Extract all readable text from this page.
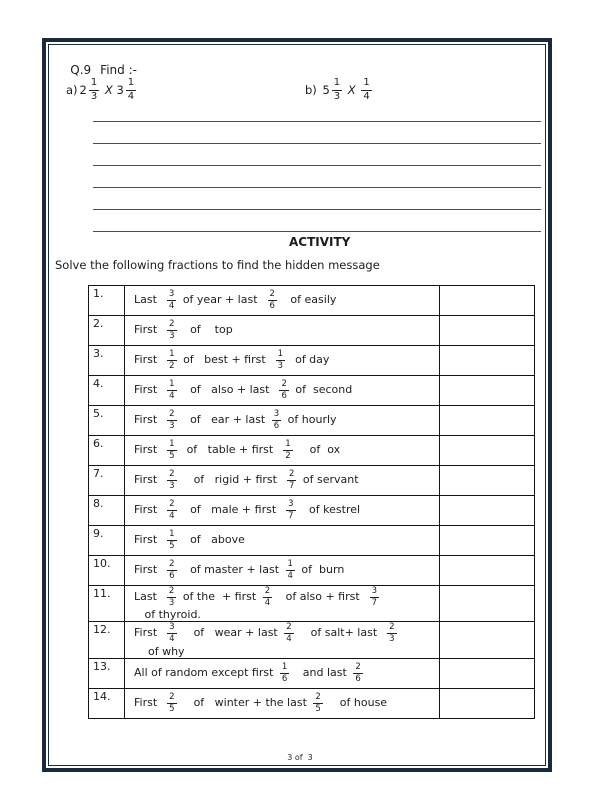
Q.9 Find :-

a) $2 \frac{1}{3}$ X $3 \frac{1}{4}$	b) $5 \frac{1}{3}$ X $\frac{1}{4}$
ACTIVITY
Solve the following fractions to find the hidden message
1.	Last $\frac{3}{4}$ of year + last $\frac{2}{6}$ of easily	
2.	First $\frac{2}{3}$ of    top	
3.	First $\frac{1}{2}$ of   best + first $\frac{1}{3}$ of day	
4.	First $\frac{1}{4}$ of   also + last $\frac{2}{6}$ of  second	
5.	First $\frac{2}{3}$ of   ear + last $\frac{3}{6}$ of hourly	
6.	First $\frac{1}{5}$ of   table + first $\frac{1}{2}$ of  ox	
7.	First $\frac{2}{3}$ of   rigid + first $\frac{2}{7}$ of servant	
8.	First $\frac{2}{4}$ of   male + first $\frac{3}{7}$ of kestrel	
9.	First $\frac{1}{5}$ of   above	
10.	First $\frac{2}{6}$ of master + last $\frac{1}{4}$ of  burn	
11.	Last $\frac{2}{3}$ of the  + first $\frac{2}{4}$ of also + first $\frac{3}{7}$
of thyroid.	
12.	First $\frac{3}{4}$ of   wear + last $\frac{2}{4}$ of salt+ last $\frac{2}{3}$
of why	
13.	All of random except first $\frac{1}{6}$ and last $\frac{2}{6}$

14.	First $\frac{2}{5}$ of   winter + the last $\frac{2}{5}$ of house	
3 of  3
